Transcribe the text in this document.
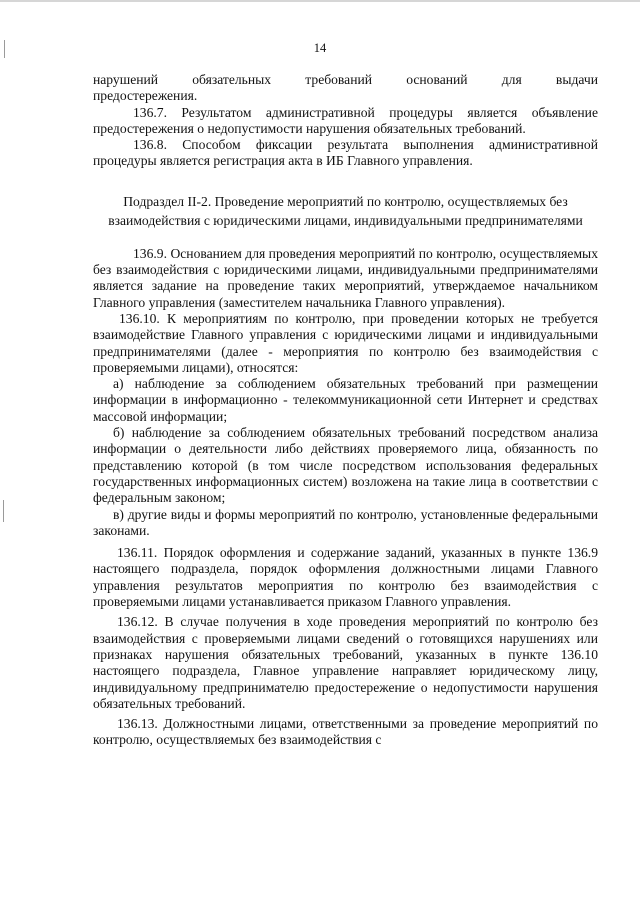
14

нарушений обязательных требований оснований для выдачи предостережения.

136.7. Результатом административной процедуры является объявление предостережения о недопустимости нарушения обязательных требований.

136.8. Способом фиксации результата выполнения административной процедуры является регистрация акта в ИБ Главного управления.

Подраздел II-2. Проведение мероприятий по контролю, осуществляемых без взаимодействия с юридическими лицами, индивидуальными предпринимателями

136.9. Основанием для проведения мероприятий по контролю, осуществляемых без взаимодействия с юридическими лицами, индивидуальными предпринимателями является задание на проведение таких мероприятий, утверждаемое начальником Главного управления (заместителем начальника Главного управления).

136.10. К мероприятиям по контролю, при проведении которых не требуется взаимодействие Главного управления с юридическими лицами и индивидуальными предпринимателями (далее - мероприятия по контролю без взаимодействия с проверяемыми лицами), относятся:

а) наблюдение за соблюдением обязательных требований при размещении информации в информационно - телекоммуникационной сети Интернет и средствах массовой информации;

б) наблюдение за соблюдением обязательных требований посредством анализа информации о деятельности либо действиях проверяемого лица, обязанность по представлению которой (в том числе посредством использования федеральных государственных информационных систем) возложена на такие лица в соответствии с федеральным законом;

в) другие виды и формы мероприятий по контролю, установленные федеральными законами.

136.11. Порядок оформления и содержание заданий, указанных в пункте 136.9 настоящего подраздела, порядок оформления должностными лицами Главного управления результатов мероприятия по контролю без взаимодействия с проверяемыми лицами устанавливается приказом Главного управления.

136.12. В случае получения в ходе проведения мероприятий по контролю без взаимодействия с проверяемыми лицами сведений о готовящихся нарушениях или признаках нарушения обязательных требований, указанных в пункте 136.10 настоящего подраздела, Главное управление направляет юридическому лицу, индивидуальному предпринимателю предостережение о недопустимости нарушения обязательных требований.

136.13. Должностными лицами, ответственными за проведение мероприятий по контролю, осуществляемых без взаимодействия с
